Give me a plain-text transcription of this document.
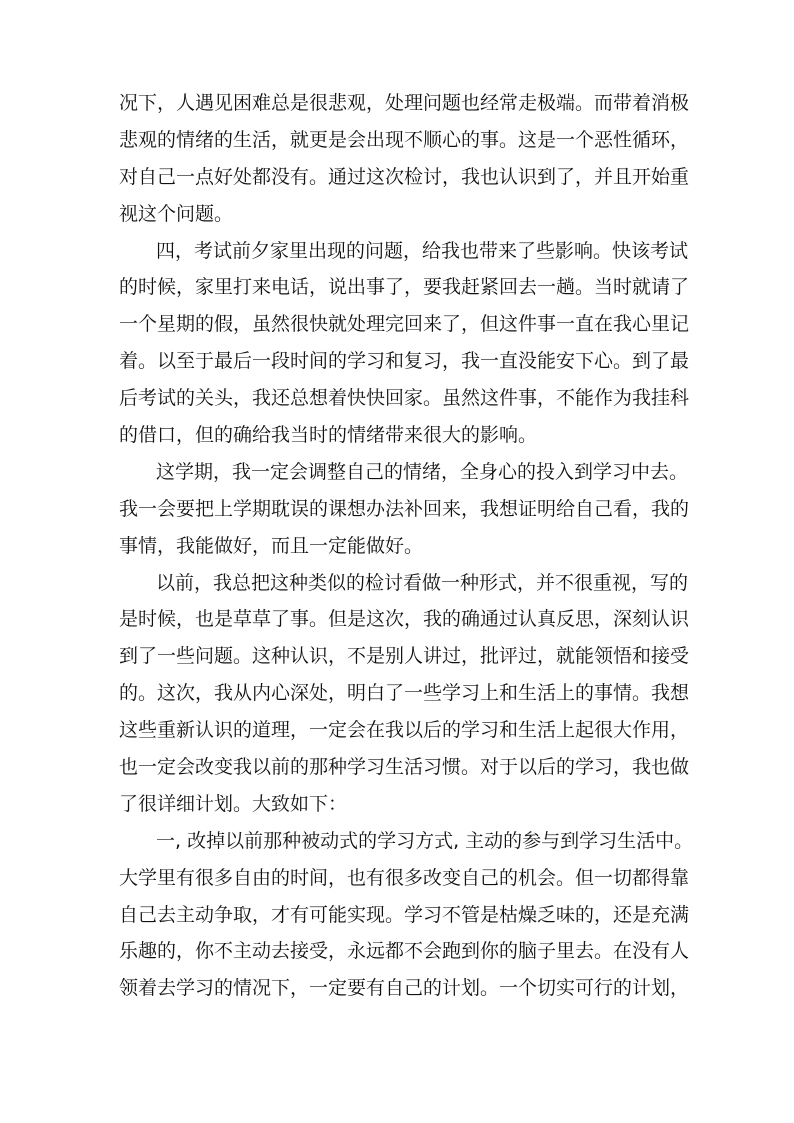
况下，人遇见困难总是很悲观，处理问题也经常走极端。而带着消极
悲观的情绪的生活，就更是会出现不顺心的事。这是一个恶性循环，
对自己一点好处都没有。通过这次检讨，我也认识到了，并且开始重
视这个问题。
四，考试前夕家里出现的问题，给我也带来了些影响。快该考试
的时候，家里打来电话，说出事了，要我赶紧回去一趟。当时就请了
一个星期的假，虽然很快就处理完回来了，但这件事一直在我心里记
着。以至于最后一段时间的学习和复习，我一直没能安下心。到了最
后考试的关头，我还总想着快快回家。虽然这件事，不能作为我挂科
的借口，但的确给我当时的情绪带来很大的影响。
这学期，我一定会调整自己的情绪，全身心的投入到学习中去。
我一会要把上学期耽误的课想办法补回来，我想证明给自己看，我的
事情，我能做好，而且一定能做好。
以前，我总把这种类似的检讨看做一种形式，并不很重视，写的
是时候，也是草草了事。但是这次，我的确通过认真反思，深刻认识
到了一些问题。这种认识，不是别人讲过，批评过，就能领悟和接受
的。这次，我从内心深处，明白了一些学习上和生活上的事情。我想
这些重新认识的道理，一定会在我以后的学习和生活上起很大作用，
也一定会改变我以前的那种学习生活习惯。对于以后的学习，我也做
了很详细计划。大致如下：
一, 改掉以前那种被动式的学习方式, 主动的参与到学习生活中。
大学里有很多自由的时间，也有很多改变自己的机会。但一切都得靠
自己去主动争取，才有可能实现。学习不管是枯燥乏味的，还是充满
乐趣的，你不主动去接受，永远都不会跑到你的脑子里去。在没有人
领着去学习的情况下，一定要有自己的计划。一个切实可行的计划，
